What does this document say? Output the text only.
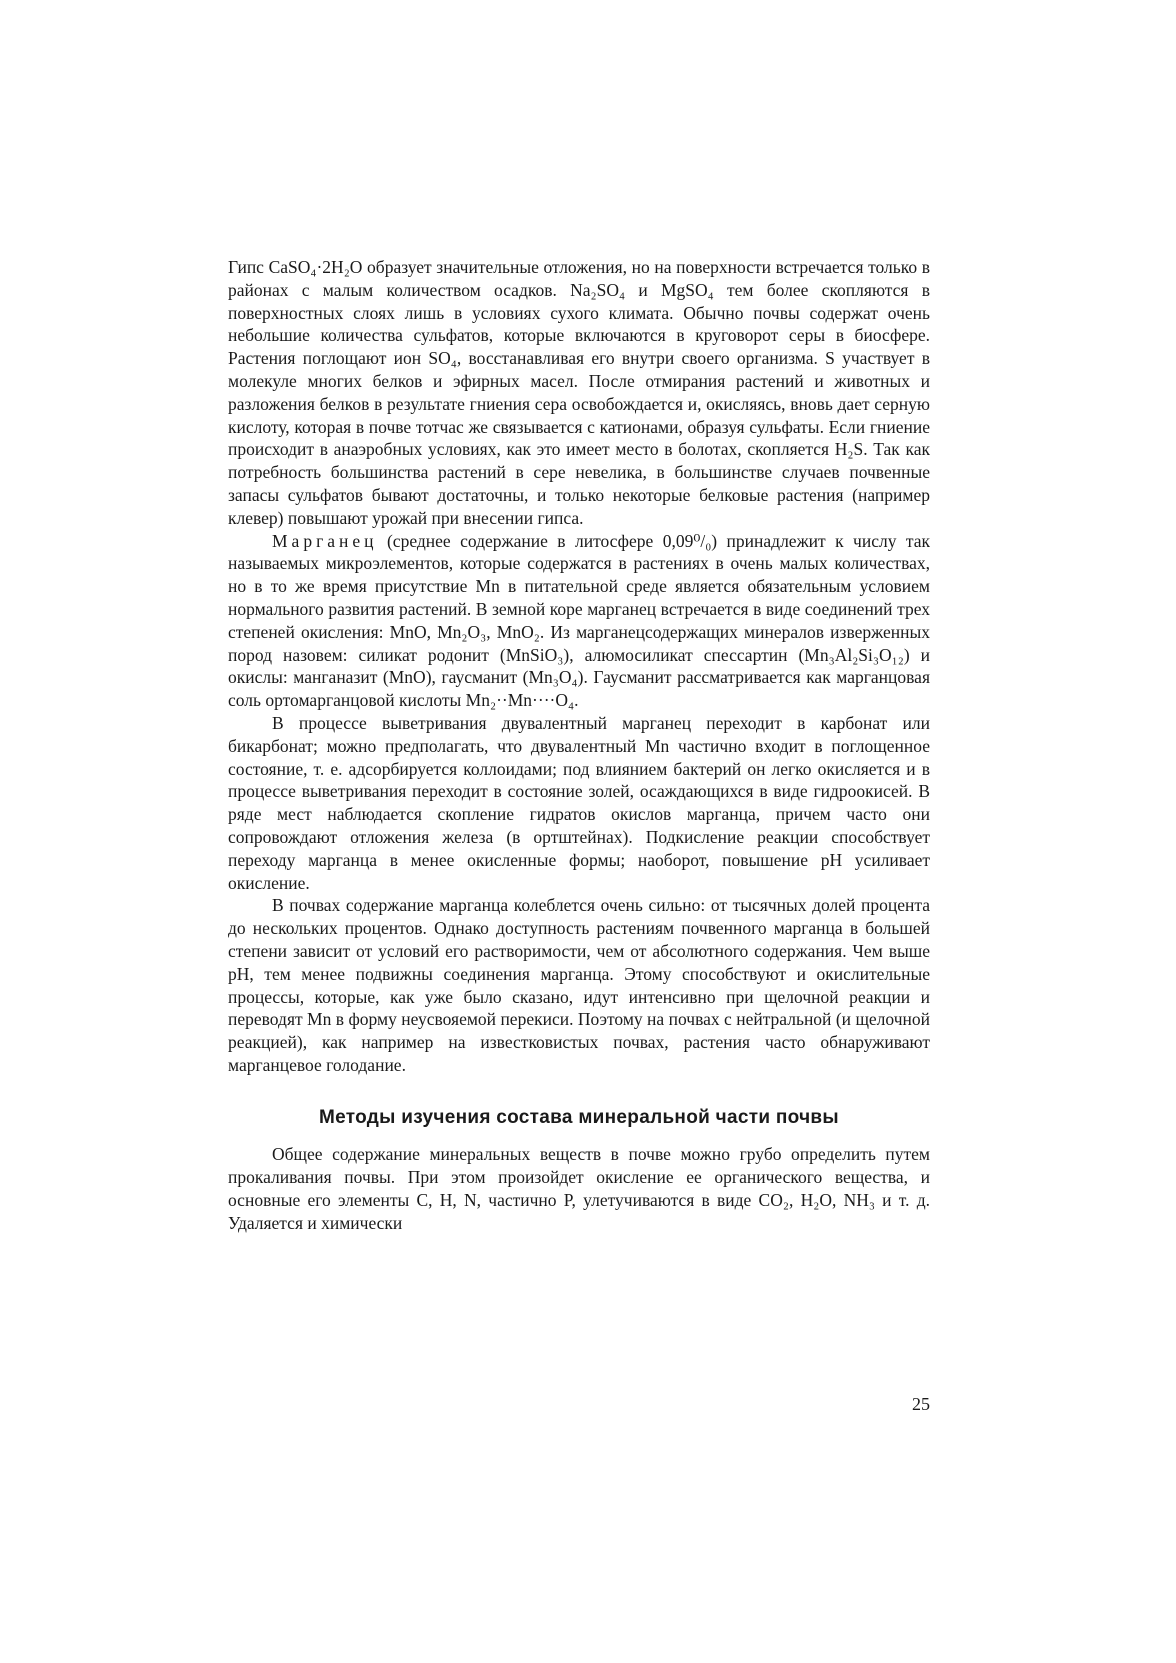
Гипс CaSO₄·2H₂O образует значительные отложения, но на поверхности встречается только в районах с малым количеством осадков. Na₂SO₄ и MgSO₄ тем более скопляются в поверхностных слоях лишь в условиях сухого климата. Обычно почвы содержат очень небольшие количества сульфатов, которые включаются в круговорот серы в биосфере. Растения поглощают ион SO₄, восстанавливая его внутри своего организма. S участвует в молекуле многих белков и эфирных масел. После отмирания растений и животных и разложения белков в результате гниения сера освобождается и, окисляясь, вновь дает серную кислоту, которая в почве тотчас же связывается с катионами, образуя сульфаты. Если гниение происходит в анаэробных условиях, как это имеет место в болотах, скопляется H₂S. Так как потребность большинства растений в сере невелика, в большинстве случаев почвенные запасы сульфатов бывают достаточны, и только некоторые белковые растения (например клевер) повышают урожай при внесении гипса.

Марганец (среднее содержание в литосфере 0,09⁰/₀) принадлежит к числу так называемых микроэлементов, которые содержатся в растениях в очень малых количествах, но в то же время присутствие Mn в питательной среде является обязательным условием нормального развития растений. В земной коре марганец встречается в виде соединений трех степеней окисления: MnO, Mn₂O₃, MnO₂. Из марганецсодержащих минералов изверженных пород назовем: силикат родонит (MnSiO₃), алюмосиликат спессартин (Mn₃Al₂Si₃O₁₂) и окислы: манганазит (MnO), гаусманит (Mn₃O₄). Гаусманит рассматривается как марганцовая соль ортомарганцовой кислоты Mn₂··Mn····O₄.

В процессе выветривания двувалентный марганец переходит в карбонат или бикарбонат; можно предполагать, что двувалентный Mn частично входит в поглощенное состояние, т. е. адсорбируется коллоидами; под влиянием бактерий он легко окисляется и в процессе выветривания переходит в состояние золей, осаждающихся в виде гидроокисей. В ряде мест наблюдается скопление гидратов окислов марганца, причем часто они сопровождают отложения железа (в ортштейнах). Подкисление реакции способствует переходу марганца в менее окисленные формы; наоборот, повышение pH усиливает окисление.

В почвах содержание марганца колеблется очень сильно: от тысячных долей процента до нескольких процентов. Однако доступность растениям почвенного марганца в большей степени зависит от условий его растворимости, чем от абсолютного содержания. Чем выше pH, тем менее подвижны соединения марганца. Этому способствуют и окислительные процессы, которые, как уже было сказано, идут интенсивно при щелочной реакции и переводят Mn в форму неусвояемой перекиси. Поэтому на почвах с нейтральной (и щелочной реакцией), как например на известковистых почвах, растения часто обнаруживают марганцевое голодание.

Методы изучения состава минеральной части почвы

Общее содержание минеральных веществ в почве можно грубо определить путем прокаливания почвы. При этом произойдет окисление ее органического вещества, и основные его элементы C, H, N, частично P, улетучиваются в виде CO₂, H₂O, NH₃ и т. д. Удаляется и химически

25
